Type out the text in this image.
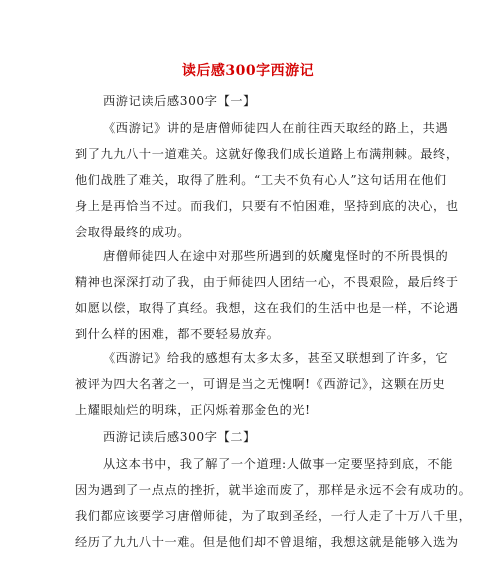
读后感300字西游记
西游记读后感300字【一】
《西游记》讲的是唐僧师徒四人在前往西天取经的路上，共遇
到了九九八十一道难关。这就好像我们成长道路上布满荆棘。最终，
他们战胜了难关，取得了胜利。“工夫不负有心人”这句话用在他们
身上是再恰当不过。而我们，只要有不怕困难，坚持到底的决心，也
会取得最终的成功。
唐僧师徒四人在途中对那些所遇到的妖魔鬼怪时的不所畏惧的
精神也深深打动了我，由于师徒四人团结一心，不畏艰险，最后终于
如愿以偿，取得了真经。我想，这在我们的生活中也是一样，不论遇
到什么样的困难，都不要轻易放弃。
《西游记》给我的感想有太多太多，甚至又联想到了许多，它
被评为四大名著之一，可谓是当之无愧啊!《西游记》，这颗在历史
上耀眼灿烂的明珠，正闪烁着那金色的光!
西游记读后感300字【二】
从这本书中，我了解了一个道理:人做事一定要坚持到底，不能
因为遇到了一点点的挫折，就半途而废了，那样是永远不会有成功的。
我们都应该要学习唐僧师徒，为了取到圣经，一行人走了十万八千里，
经历了九九八十一难。但是他们却不曾退缩，我想这就是能够入选为
